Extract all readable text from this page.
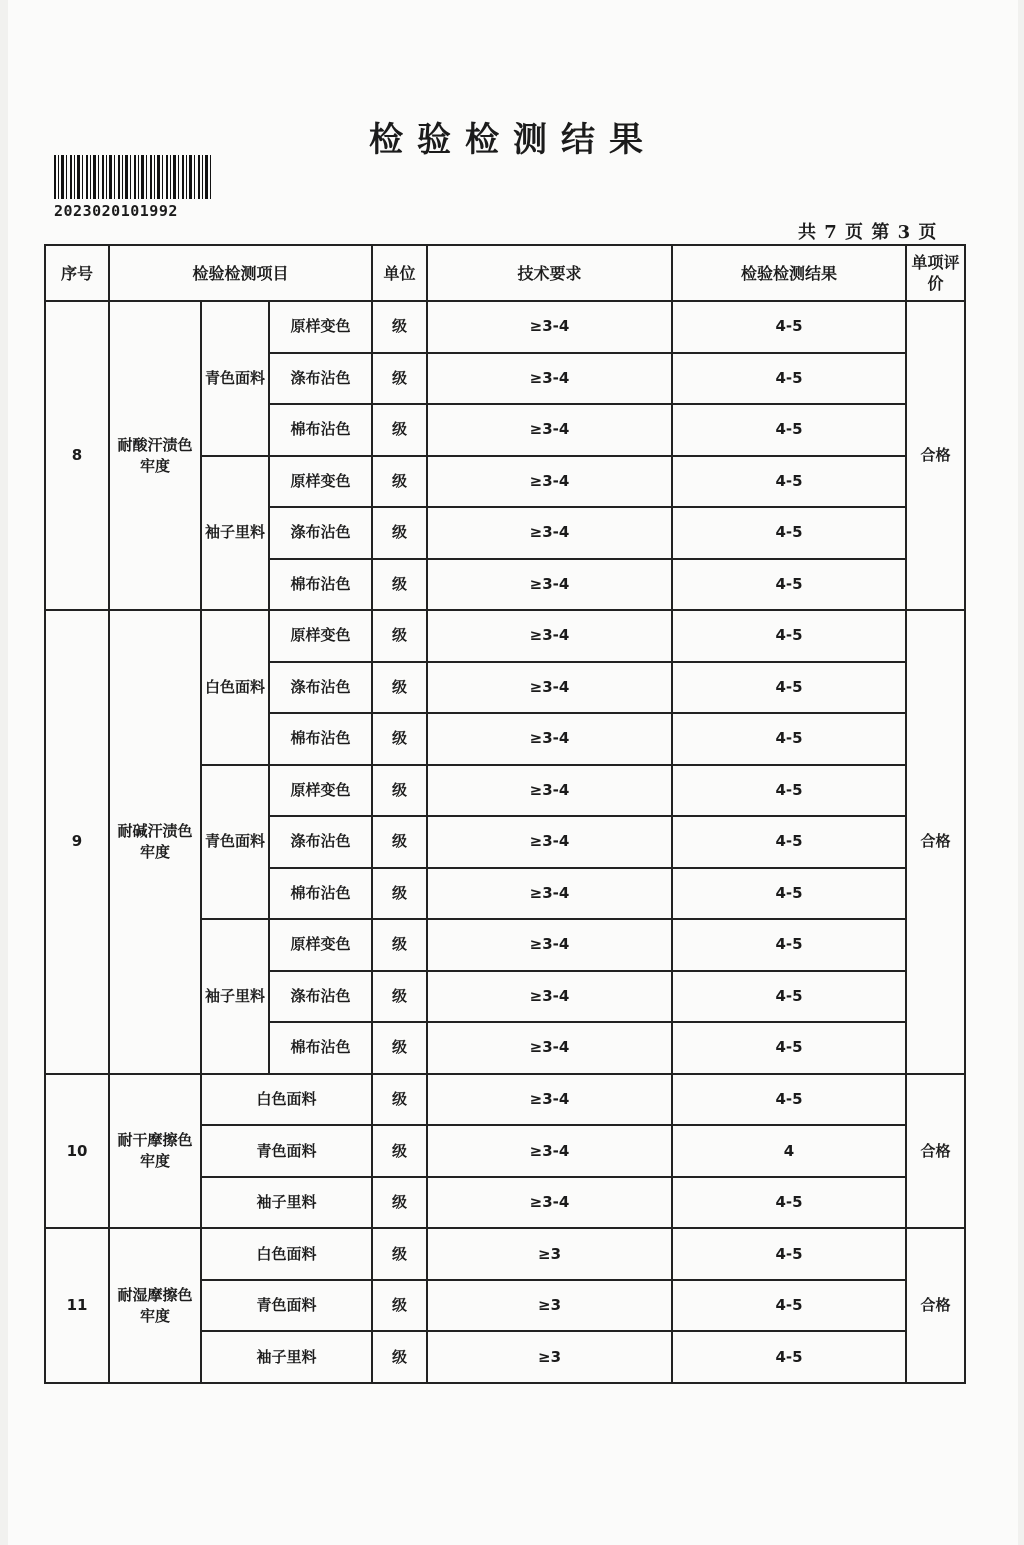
检验检测结果
2023020101992
共 7 页 第 3 页
序号	检验检测项目			单位	技术要求	检验检测结果	单项评价
8	耐酸汗渍色牢度	青色面料	原样变色	级	≥3-4	4-5	合格
			涤布沾色	级	≥3-4	4-5	
			棉布沾色	级	≥3-4	4-5	
		袖子里料	原样变色	级	≥3-4	4-5	
			涤布沾色	级	≥3-4	4-5	
			棉布沾色	级	≥3-4	4-5	
9	耐碱汗渍色牢度	白色面料	原样变色	级	≥3-4	4-5	合格
			涤布沾色	级	≥3-4	4-5	
			棉布沾色	级	≥3-4	4-5	
		青色面料	原样变色	级	≥3-4	4-5	
			涤布沾色	级	≥3-4	4-5	
			棉布沾色	级	≥3-4	4-5	
		袖子里料	原样变色	级	≥3-4	4-5	
			涤布沾色	级	≥3-4	4-5	
			棉布沾色	级	≥3-4	4-5	
10	耐干摩擦色牢度	白色面料		级	≥3-4	4-5	合格
		青色面料		级	≥3-4	4	
		袖子里料		级	≥3-4	4-5	
11	耐湿摩擦色牢度	白色面料		级	≥3	4-5	合格
		青色面料		级	≥3	4-5	
		袖子里料		级	≥3	4-5	
